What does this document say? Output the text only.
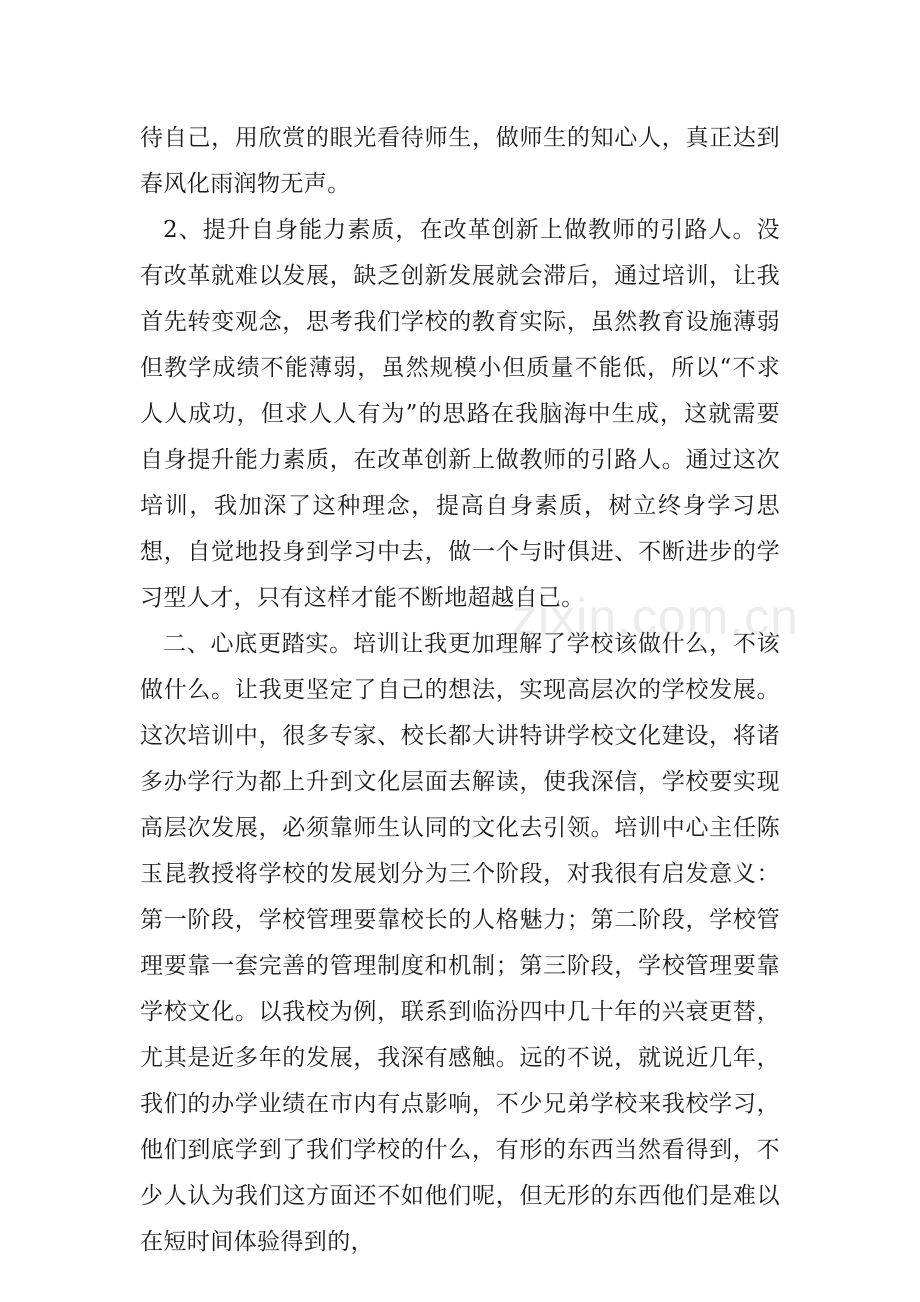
待自己，用欣赏的眼光看待师生，做师生的知心人，真正达到春风化雨润物无声。

2、提升自身能力素质，在改革创新上做教师的引路人。没有改革就难以发展，缺乏创新发展就会滞后，通过培训，让我首先转变观念，思考我们学校的教育实际，虽然教育设施薄弱但教学成绩不能薄弱，虽然规模小但质量不能低，所以“不求人人成功，但求人人有为”的思路在我脑海中生成，这就需要自身提升能力素质，在改革创新上做教师的引路人。通过这次培训，我加深了这种理念，提高自身素质，树立终身学习思想，自觉地投身到学习中去，做一个与时俱进、不断进步的学习型人才，只有这样才能不断地超越自己。

二、心底更踏实。培训让我更加理解了学校该做什么，不该做什么。让我更坚定了自己的想法，实现高层次的学校发展。这次培训中，很多专家、校长都大讲特讲学校文化建设，将诸多办学行为都上升到文化层面去解读，使我深信，学校要实现高层次发展，必须靠师生认同的文化去引领。培训中心主任陈玉昆教授将学校的发展划分为三个阶段，对我很有启发意义：第一阶段，学校管理要靠校长的人格魅力；第二阶段，学校管理要靠一套完善的管理制度和机制；第三阶段，学校管理要靠学校文化。以我校为例，联系到临汾四中几十年的兴衰更替，尤其是近多年的发展，我深有感触。远的不说，就说近几年，我们的办学业绩在市内有点影响，不少兄弟学校来我校学习，他们到底学到了我们学校的什么，有形的东西当然看得到，不少人认为我们这方面还不如他们呢，但无形的东西他们是难以在短时间体验得到的，

zixin.com.cn
